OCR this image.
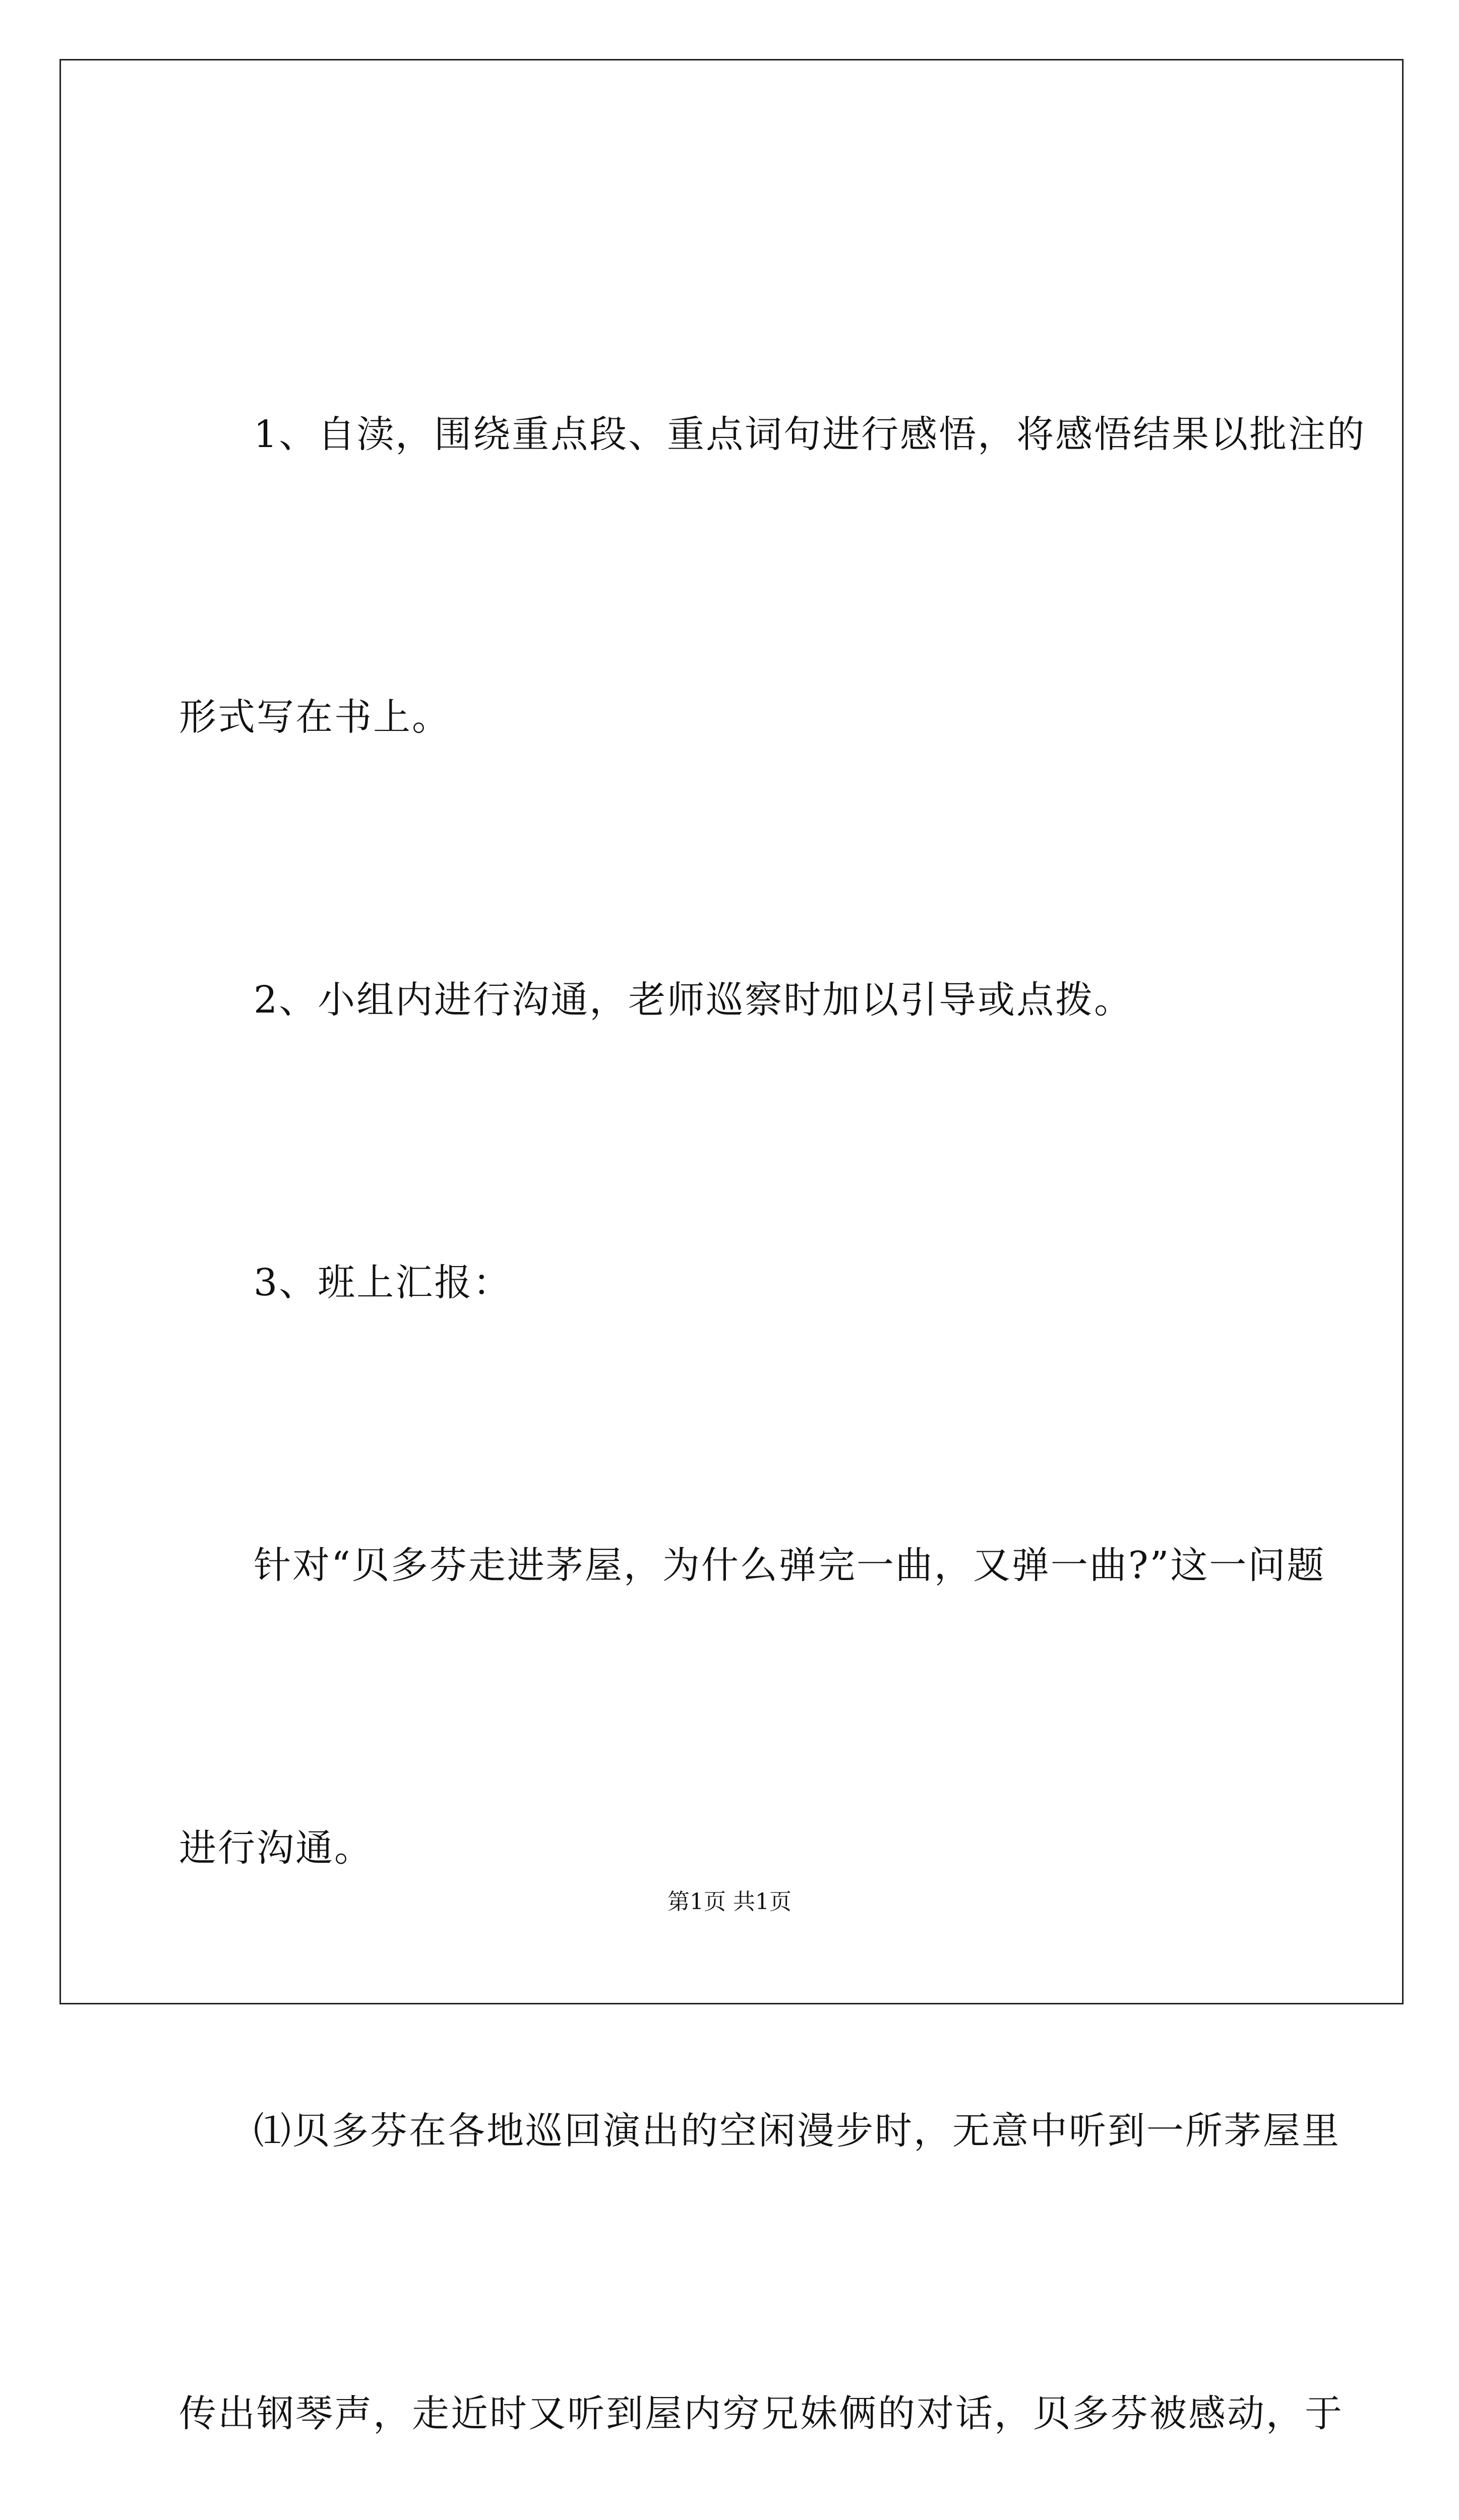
1、自渎，围绕重点段、重点词句进行感悟，将感悟结果以批注的

形式写在书上。

2、小组内进行沟通，老师巡察时加以引导或点拨。

3、班上汇报：

针对“贝多芬走进茅屋，为什么弹完一曲，又弹一曲?”这一问题

进行沟通。

⑴贝多芬在各地巡回演出的空闲漫步时，无意中听到一所茅屋里

传出钢琴声，走近时又听到屋内穷兄妹俩的对话，贝多芬被感动，于

第1页 共1页
